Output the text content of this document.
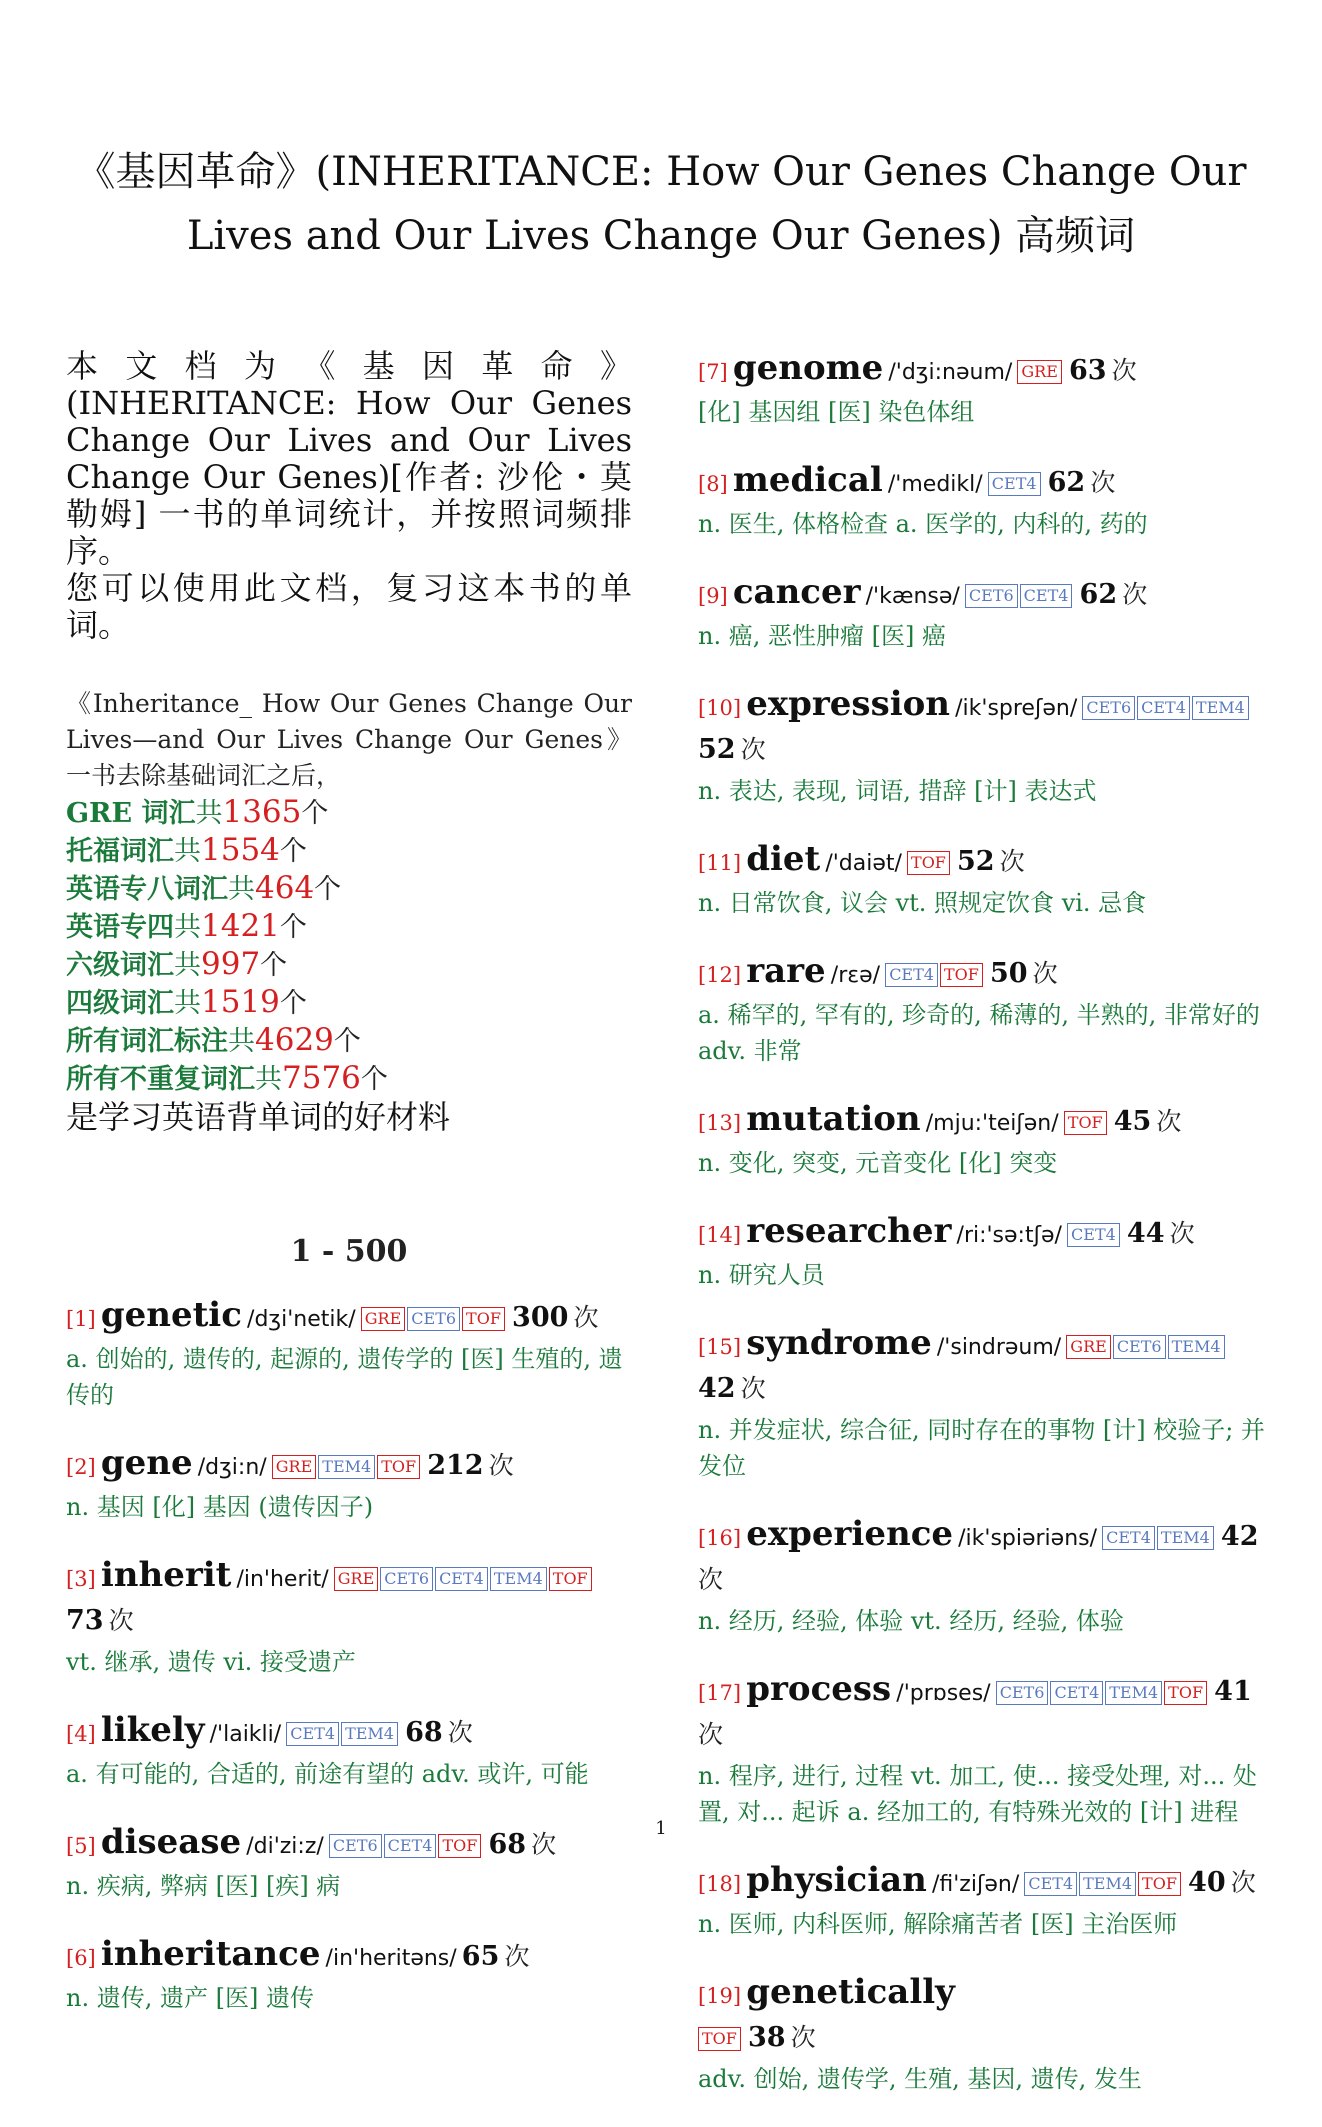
《基因革命》(INHERITANCE: How Our Genes Change Our Lives and Our Lives Change Our Genes) 高频词

本文档为《基因革命》(INHERITANCE: How Our Genes Change Our Lives and Our Lives Change Our Genes)[作者: 沙伦・莫勒姆] 一书的单词统计，并按照词频排序。

您可以使用此文档，复习这本书的单词。

《Inheritance_ How Our Genes Change Our Lives—and Our Lives Change Our Genes》一书去除基础词汇之后，
GRE 词汇共1365个
托福词汇共1554个
英语专八词汇共464个
英语专四共1421个
六级词汇共997个
四级词汇共1519个
所有词汇标注共4629个
所有不重复词汇共7576个
是学习英语背单词的好材料
1 - 500
[1] genetic /dʒi'netik/ GRE CET6 TOF 300 次
a. 创始的, 遗传的, 起源的, 遗传学的 [医] 生殖的, 遗传的
[2] gene /dʒi:n/ GRE TEM4 TOF 212 次
n. 基因 [化] 基因 (遗传因子)
[3] inherit /in'herit/ GRE CET6 CET4 TEM4 TOF 73 次
vt. 继承, 遗传 vi. 接受遗产
[4] likely /'laikli/ CET4 TEM4 68 次
a. 有可能的, 合适的, 前途有望的 adv. 或许, 可能
[5] disease /di'zi:z/ CET6 CET4 TOF 68 次
n. 疾病, 弊病 [医] [疾] 病
[6] inheritance /in'heritəns/ 65 次
n. 遗传, 遗产 [医] 遗传
[7] genome /'dʒi:nəum/ GRE 63 次
[化] 基因组 [医] 染色体组
[8] medical /'medikl/ CET4 62 次
n. 医生, 体格检查 a. 医学的, 内科的, 药的
[9] cancer /'kænsə/ CET6 CET4 62 次
n. 癌, 恶性肿瘤 [医] 癌
[10] expression /ik'spreʃən/ CET6 CET4 TEM4 52 次
n. 表达, 表现, 词语, 措辞 [计] 表达式
[11] diet /'daiət/ TOF 52 次
n. 日常饮食, 议会 vt. 照规定饮食 vi. 忌食
[12] rare /rεə/ CET4 TOF 50 次
a. 稀罕的, 罕有的, 珍奇的, 稀薄的, 半熟的, 非常好的 adv. 非常
[13] mutation /mju:'teiʃən/ TOF 45 次
n. 变化, 突变, 元音变化 [化] 突变
[14] researcher /ri:'sə:tʃə/ CET4 44 次
n. 研究人员
[15] syndrome /'sindrəum/ GRE CET6 TEM4 42 次
n. 并发症状, 综合征, 同时存在的事物 [计] 校验子; 并发位
[16] experience /ik'spiəriəns/ CET4 TEM4 42 次
n. 经历, 经验, 体验 vt. 经历, 经验, 体验
[17] process /'prɒses/ CET6 CET4 TEM4 TOF 41 次
n. 程序, 进行, 过程 vt. 加工, 使... 接受处理, 对... 处置, 对... 起诉 a. 经加工的, 有特殊光效的 [计] 进程
[18] physician /fi'ziʃən/ CET4 TEM4 TOF 40 次
n. 医师, 内科医师, 解除痛苦者 [医] 主治医师
[19] genetically
TOF 38 次
adv. 创始, 遗传学, 生殖, 基因, 遗传, 发生
1
